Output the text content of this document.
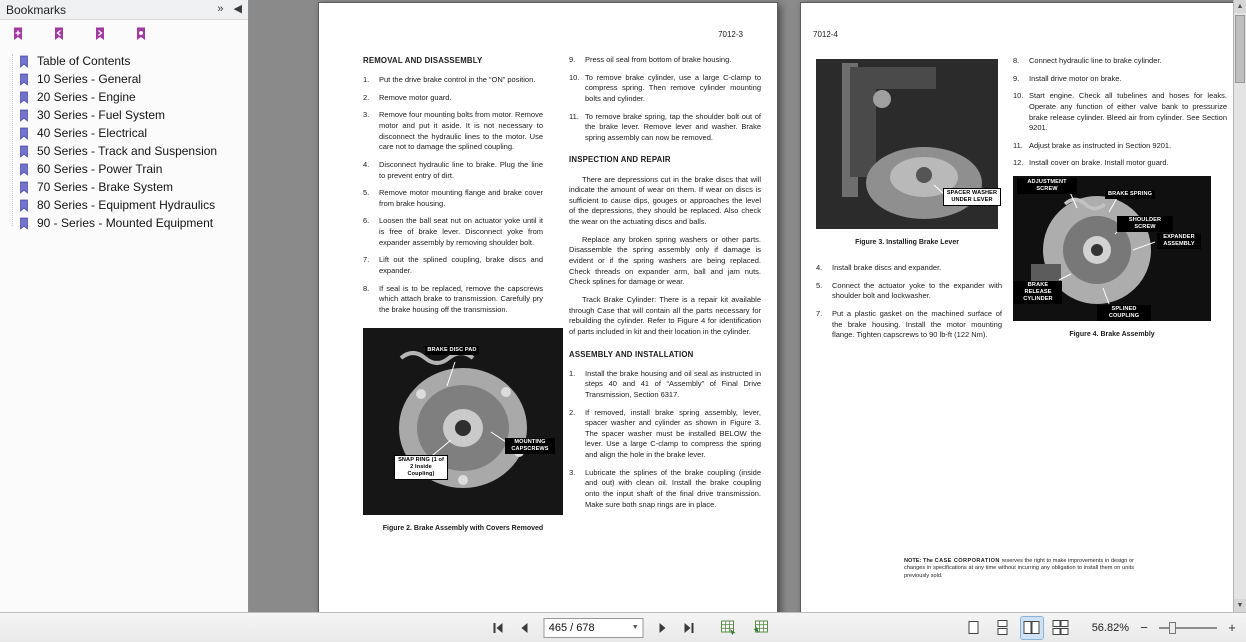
Bookmarks	» ◀
Table of Contents
10 Series - General
20 Series - Engine
30 Series - Fuel System
40 Series - Electrical
50 Series - Track and Suspension
60 Series - Power Train
70 Series - Brake System
80 Series - Equipment Hydraulics
90 - Series - Mounted Equipment
7012-3
REMOVAL AND DISASSEMBLY
1.	Put the drive brake control in the “ON” position.
2.	Remove motor guard.
3.	Remove four mounting bolts from motor. Remove motor and put it aside. It is not necessary to disconnect the hydraulic lines to the motor. Use care not to damage the splined coupling.
4.	Disconnect hydraulic line to brake. Plug the line to prevent entry of dirt.
5.	Remove motor mounting flange and brake cover from brake housing.
6.	Loosen the ball seat nut on actuator yoke until it is free of brake lever. Disconnect yoke from expander assembly by removing shoulder bolt.
7.	Lift out the splined coupling, brake discs and expander.
8.	If seal is to be replaced, remove the capscrews which attach brake to transmission. Carefully pry the brake housing off the transmission.
BRAKE DISC PAD
MOUNTING CAPSCREWS
SNAP RING (1 of 2 Inside Coupling)
Figure 2. Brake Assembly with Covers Removed
9.	Press oil seal from bottom of brake housing.
10. To remove brake cylinder, use a large C-clamp to compress spring. Then remove cylinder mounting bolts and cylinder.
11. To remove brake spring, tap the shoulder bolt out of the brake lever. Remove lever and washer. Brake spring assembly can now be removed.
INSPECTION AND REPAIR
There are depressions cut in the brake discs that will indicate the amount of wear on them. If wear on discs is sufficient to cause dips, gouges or approaches the level of the depressions, they should be replaced. Also check the wear on the actuating discs and balls.
Replace any broken spring washers or other parts. Disassemble the spring assembly only if damage is evident or if the spring washers are being replaced. Check threads on expander arm, ball and jam nuts. Check splines for damage or wear.
Track Brake Cylinder: There is a repair kit available through Case that will contain all the parts necessary for rebuilding the cylinder. Refer to Figure 4 for identification of parts included in kit and their location in the cylinder.
ASSEMBLY AND INSTALLATION
1.	Install the brake housing and oil seal as instructed in steps 40 and 41 of “Assembly” of Final Drive Transmission, Section 6317.
2.	If removed, install brake spring assembly, lever, spacer washer and cylinder as shown in Figure 3. The spacer washer must be installed BELOW the lever. Use a large C-clamp to compress the spring and align the hole in the brake lever.
3.	Lubricate the splines of the brake coupling (inside and out) with clean oil. Install the brake coupling onto the input shaft of the final drive transmission. Make sure both snap rings are in place.
7012-4
SPACER WASHER UNDER LEVER
Figure 3. Installing Brake Lever
4.	Install brake discs and expander.
5.	Connect the actuator yoke to the expander with shoulder bolt and lockwasher.
7.	Put a plastic gasket on the machined surface of the brake housing. Install the motor mounting flange. Tighten capscrews to 90 lb-ft (122 Nm).
8.	Connect hydraulic line to brake cylinder.
9.	Install drive motor on brake.
10. Start engine. Check all tubelines and hoses for leaks. Operate any function of either valve bank to pressurize brake release cylinder. Bleed air from cylinder. See Section 9201.
11. Adjust brake as instructed in Section 9201.
12. Install cover on brake. Install motor guard.
ADJUSTMENT SCREW
BRAKE SPRING
SHOULDER SCREW
EXPANDER ASSEMBLY
BRAKE RELEASE CYLINDER
SPLINED COUPLING
Figure 4. Brake Assembly

NOTE: The CASE CORPORATION reserves the right to make improvements in design or changes in specifications at any time without incurring any obligation to install them on units previously sold.

▲
▼
465 / 678	▼	56.82% −	+
